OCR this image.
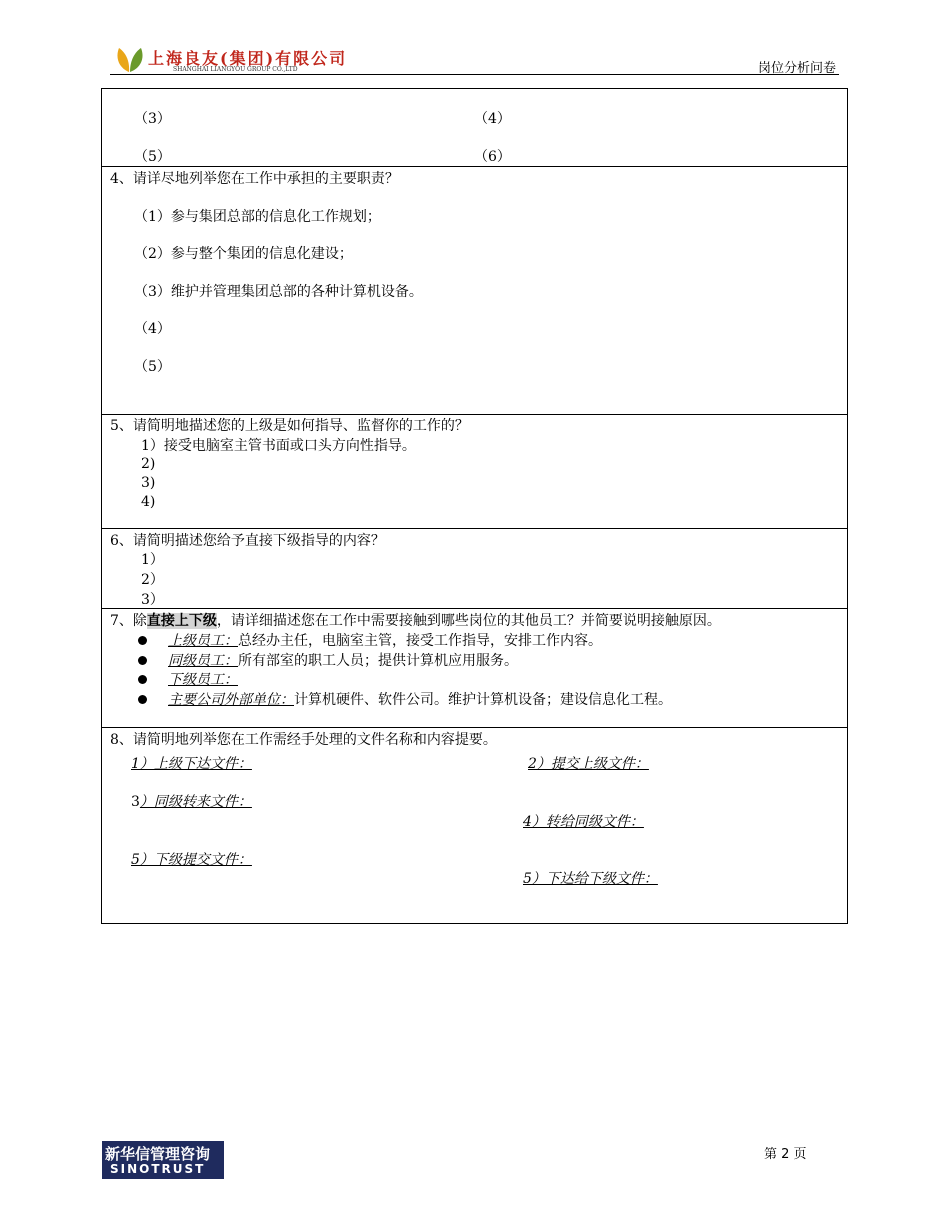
上海良友(集团)有限公司
SHANGHAI LIANGYOU GROUP CO.,LTD	岗位分析问卷
（3）	（4）
（5）	（6）
4、请详尽地列举您在工作中承担的主要职责？
（1）参与集团总部的信息化工作规划；
（2）参与整个集团的信息化建设；
（3）维护并管理集团总部的各种计算机设备。
（4）
（5）
5、请简明地描述您的上级是如何指导、监督你的工作的？
1）接受电脑室主管书面或口头方向性指导。
2)
3)
4)
6、请简明描述您给予直接下级指导的内容？
1）
2）
3）
7、除直接上下级，请详细描述您在工作中需要接触到哪些岗位的其他员工？并简要说明接触原因。
上级员工：总经办主任，电脑室主管，接受工作指导，安排工作内容。
同级员工：所有部室的职工人员；提供计算机应用服务。
下级员工：
主要公司外部单位：计算机硬件、软件公司。维护计算机设备；建设信息化工程。
8、请简明地列举您在工作需经手处理的文件名称和内容提要。
1）上级下达文件：	2）提交上级文件：
3）同级转来文件：
4）转给同级文件：
5）下级提交文件：
5）下达给下级文件：
新华信管理咨询
SINOTRUST
第 2 页
